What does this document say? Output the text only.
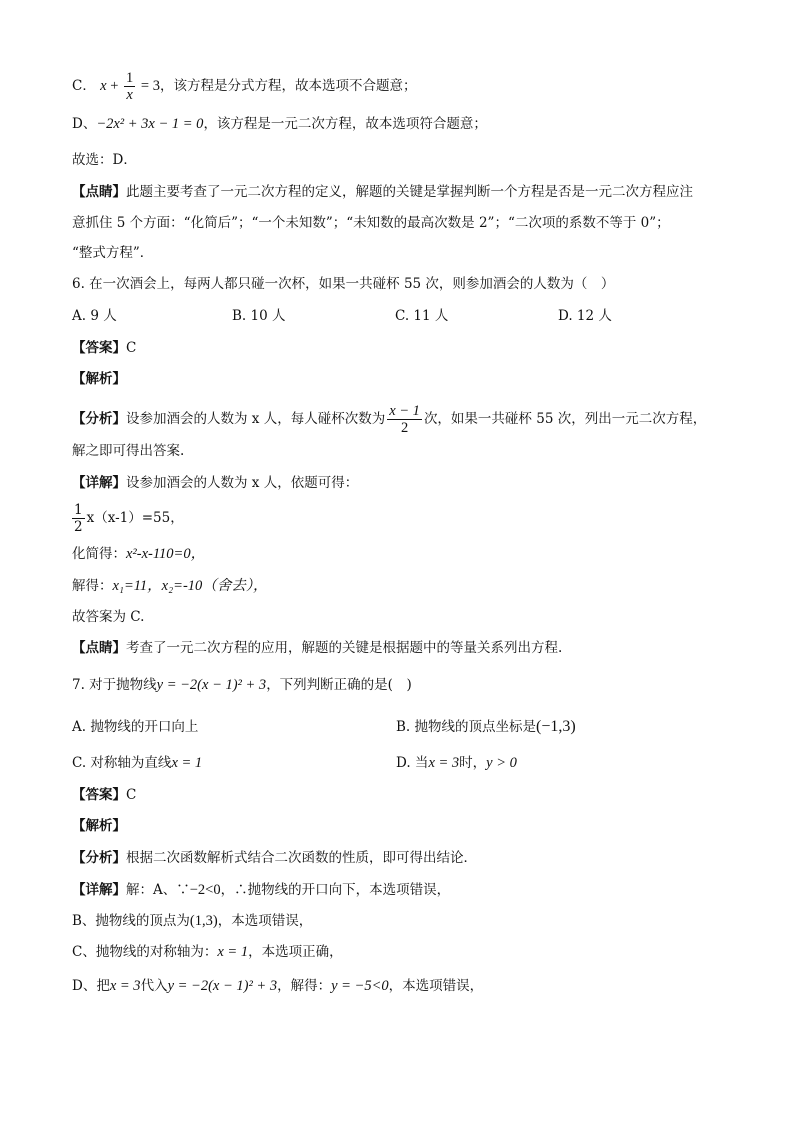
C． $x + \frac{1}{x} = 3$，该方程是分式方程，故本选项不合题意；
D、−2x² + 3x − 1 = 0，该方程是一元二次方程，故本选项符合题意；
故选：D．
【点睛】此题主要考查了一元二次方程的定义，解题的关键是掌握判断一个方程是否是一元二次方程应注
意抓住 5 个方面：“化简后”；“一个未知数”；“未知数的最高次数是 2”；“二次项的系数不等于 0”；
“整式方程”．
6. 在一次酒会上，每两人都只碰一次杯，如果一共碰杯 55 次，则参加酒会的人数为（　）
A. 9 人	B. 10 人	C. 11 人	D. 12 人
【答案】C
【解析】
【分析】设参加酒会的人数为 x 人，每人碰杯次数为 $\frac{x - 1}{2}$ 次，如果一共碰杯 55 次，列出一元二次方程，
解之即可得出答案.
【详解】设参加酒会的人数为 x 人，依题可得：
$\frac{1}{2} x(x-1)=55$，
化简得：x²-x-110=0，
解得：x₁=11，x₂=-10（舍去），
故答案为 C.
【点睛】考查了一元二次方程的应用，解题的关键是根据题中的等量关系列出方程.
7. 对于抛物线y = −2(x − 1)² + 3，下列判断正确的是(　)
A. 抛物线的开口向上	B. 抛物线的顶点坐标是(−1,3)
C. 对称轴为直线x = 1	D. 当x = 3时，y > 0
【答案】C
【解析】
【分析】根据二次函数解析式结合二次函数的性质，即可得出结论．
【详解】解：A、∵−2<0，∴抛物线的开口向下，本选项错误，
B、抛物线的顶点为(1,3)，本选项错误，
C、抛物线的对称轴为：x = 1，本选项正确，
D、把x = 3代入y = −2(x − 1)² + 3，解得：y = −5<0，本选项错误，
